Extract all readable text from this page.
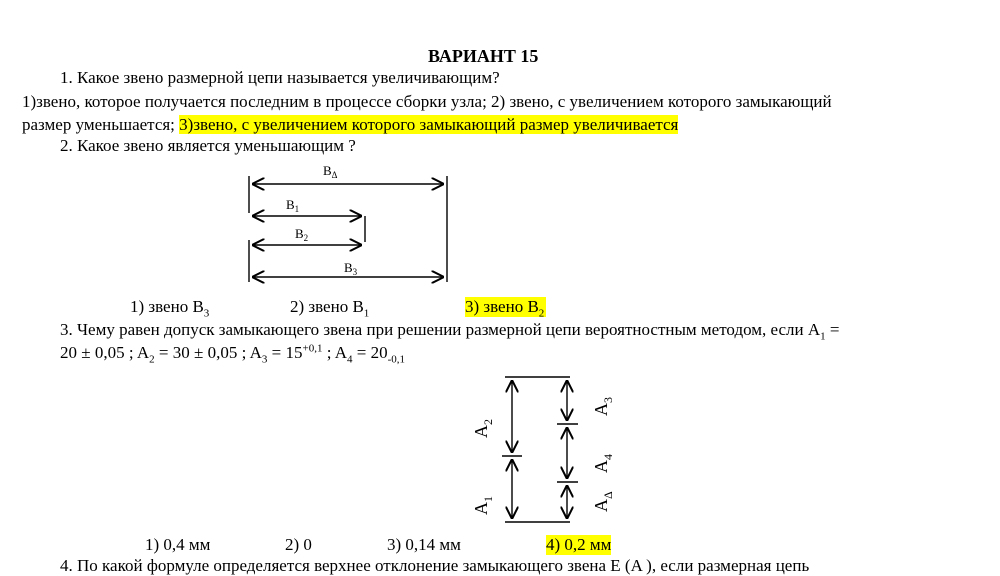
ВАРИАНТ 15
1. Какое звено размерной цепи называется увеличивающим?
1)звено, которое получается последним в процессе сборки узла; 2) звено, с увеличением которого замыкающий
размер уменьшается; 3)звено, с увеличением которого замыкающий размер увеличивается
2. Какое звено является уменьшающим ?
$B_\Delta$
$B_1$
$B_2$
$B_3$
$A_2$
$A_1$
$A_3$
$A_4$
$A_\Delta$
1) звено $B_3$	2) звено $B_1$	3) звено $B_2$
3. Чему равен допуск замыкающего звена при решении размерной цепи вероятностным методом, если $A_1$ =
20 ± 0,05 ; $A_2 = 30 \pm 0,05$ ; $A_3 = 15^{+0,1}$ ; $A_4 = 20_{-0,1}$
1) 0,4 мм	2) 0	3) 0,14 мм	4) 0,2 мм
4. По какой формуле определяется верхнее отклонение замыкающего звена E (A ), если размерная цепь
